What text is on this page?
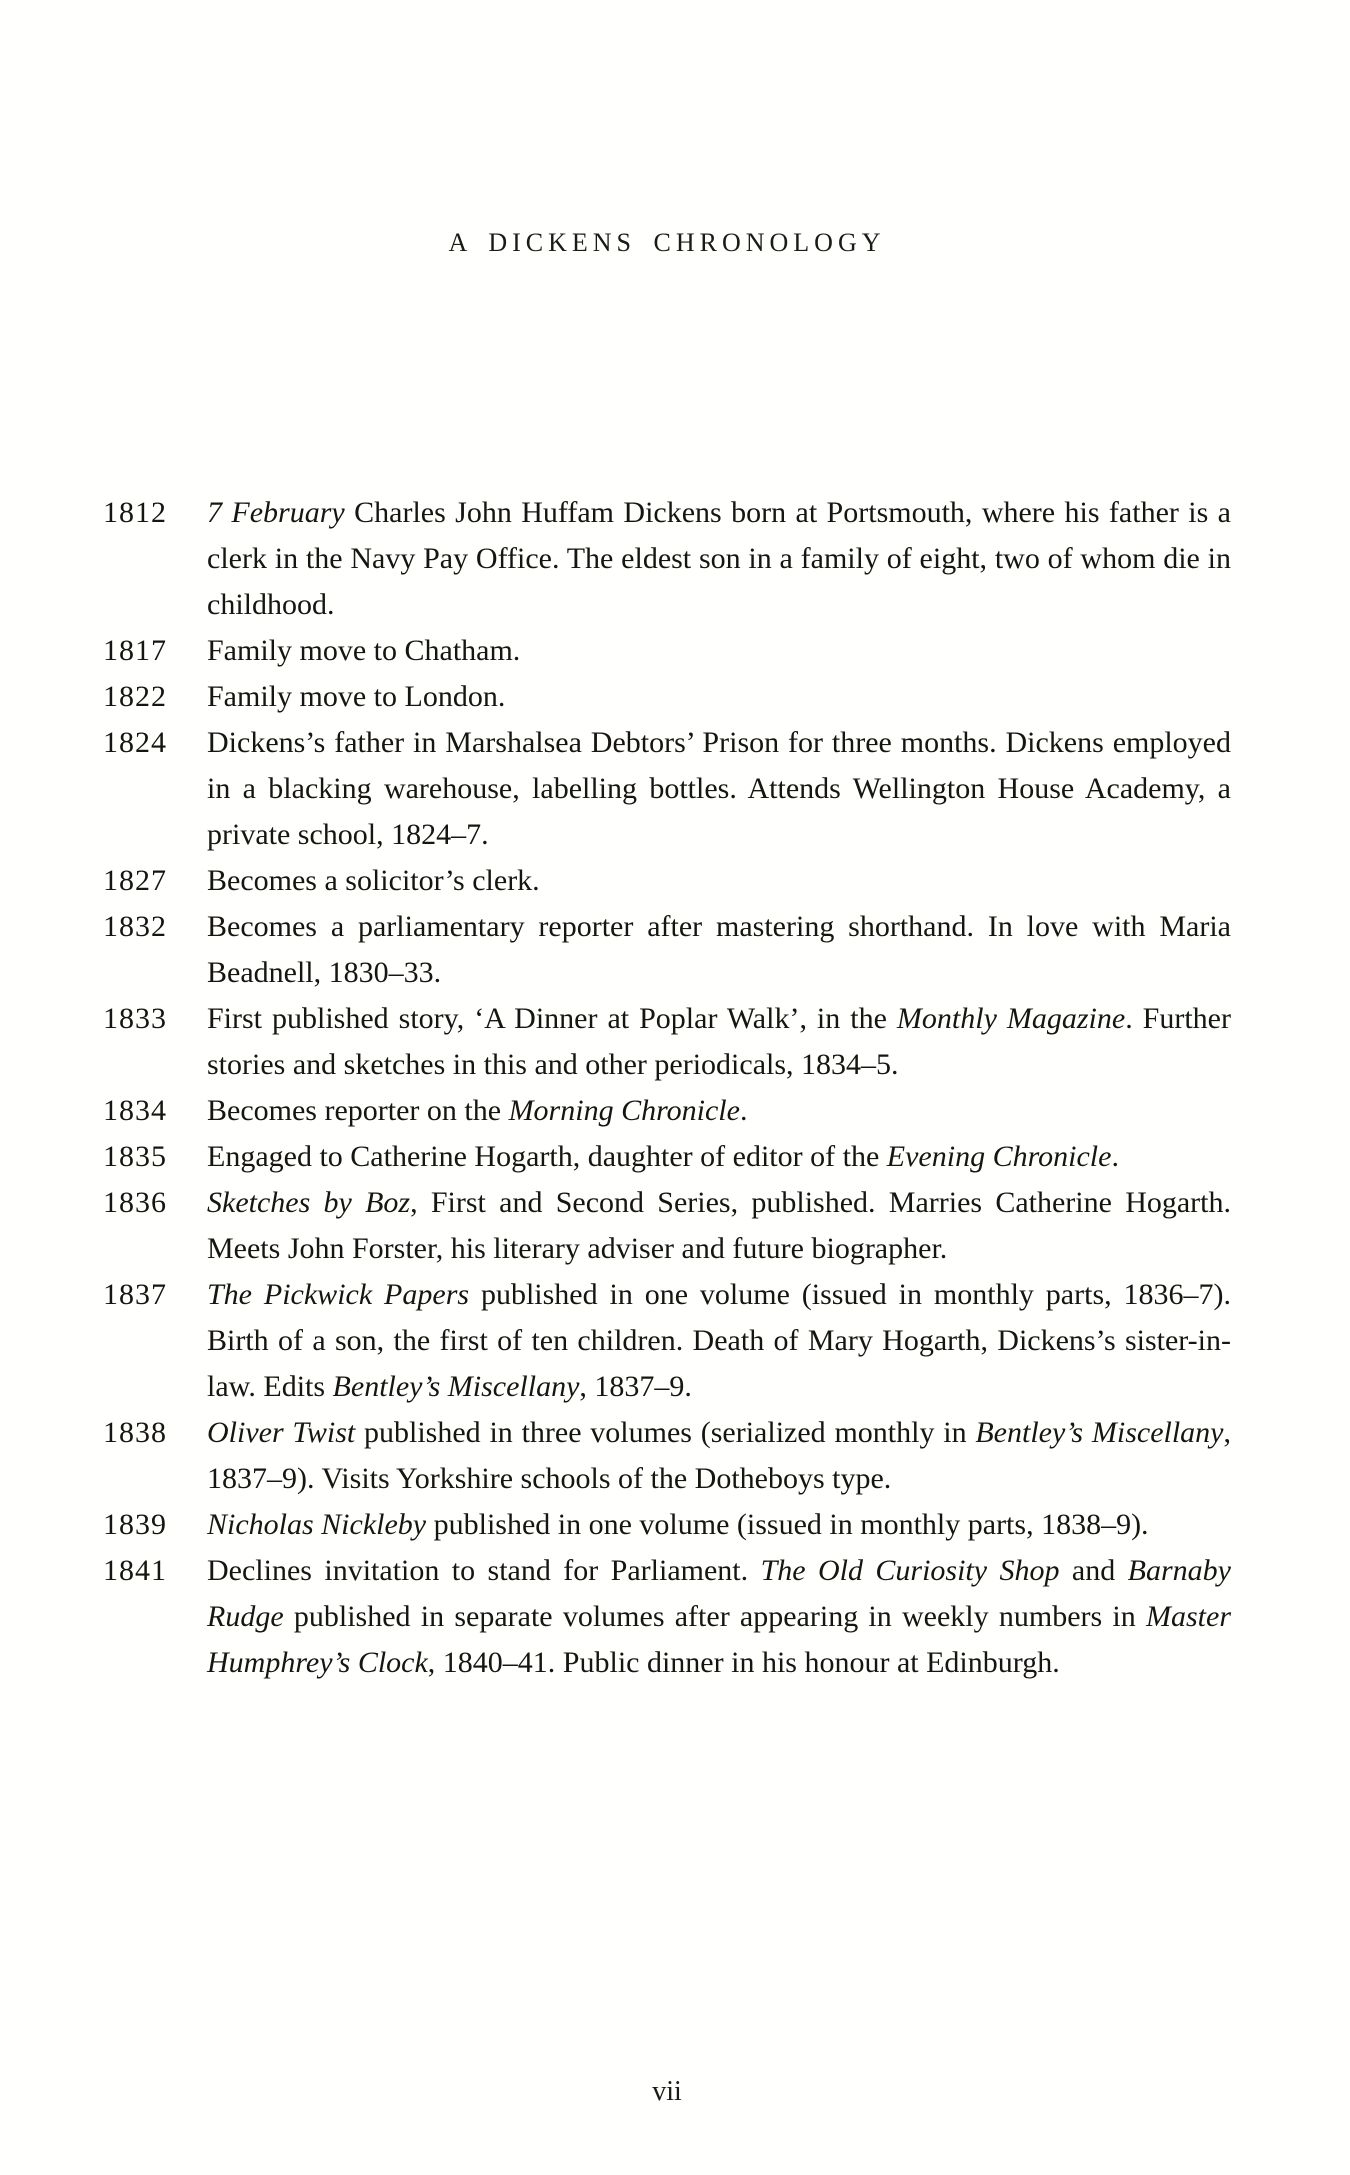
A DICKENS CHRONOLOGY
1812	7 February Charles John Huffam Dickens born at Portsmouth, where his father is a clerk in the Navy Pay Office. The eldest son in a family of eight, two of whom die in childhood.
1817	Family move to Chatham.
1822	Family move to London.
1824	Dickens’s father in Marshalsea Debtors’ Prison for three months. Dickens employed in a blacking warehouse, labelling bottles. Attends Wellington House Academy, a private school, 1824–7.
1827	Becomes a solicitor’s clerk.
1832	Becomes a parliamentary reporter after mastering shorthand. In love with Maria Beadnell, 1830–33.
1833	First published story, ‘A Dinner at Poplar Walk’, in the Monthly Magazine. Further stories and sketches in this and other periodicals, 1834–5.
1834	Becomes reporter on the Morning Chronicle.
1835	Engaged to Catherine Hogarth, daughter of editor of the Evening Chronicle.
1836	Sketches by Boz, First and Second Series, published. Marries Catherine Hogarth. Meets John Forster, his literary adviser and future biographer.
1837	The Pickwick Papers published in one volume (issued in monthly parts, 1836–7). Birth of a son, the first of ten children. Death of Mary Hogarth, Dickens’s sister-in-law. Edits Bentley’s Miscellany, 1837–9.
1838	Oliver Twist published in three volumes (serialized monthly in Bentley’s Miscellany, 1837–9). Visits Yorkshire schools of the Dotheboys type.
1839	Nicholas Nickleby published in one volume (issued in monthly parts, 1838–9).
1841	Declines invitation to stand for Parliament. The Old Curiosity Shop and Barnaby Rudge published in separate volumes after appearing in weekly numbers in Master Humphrey’s Clock, 1840–41. Public dinner in his honour at Edinburgh.
vii
